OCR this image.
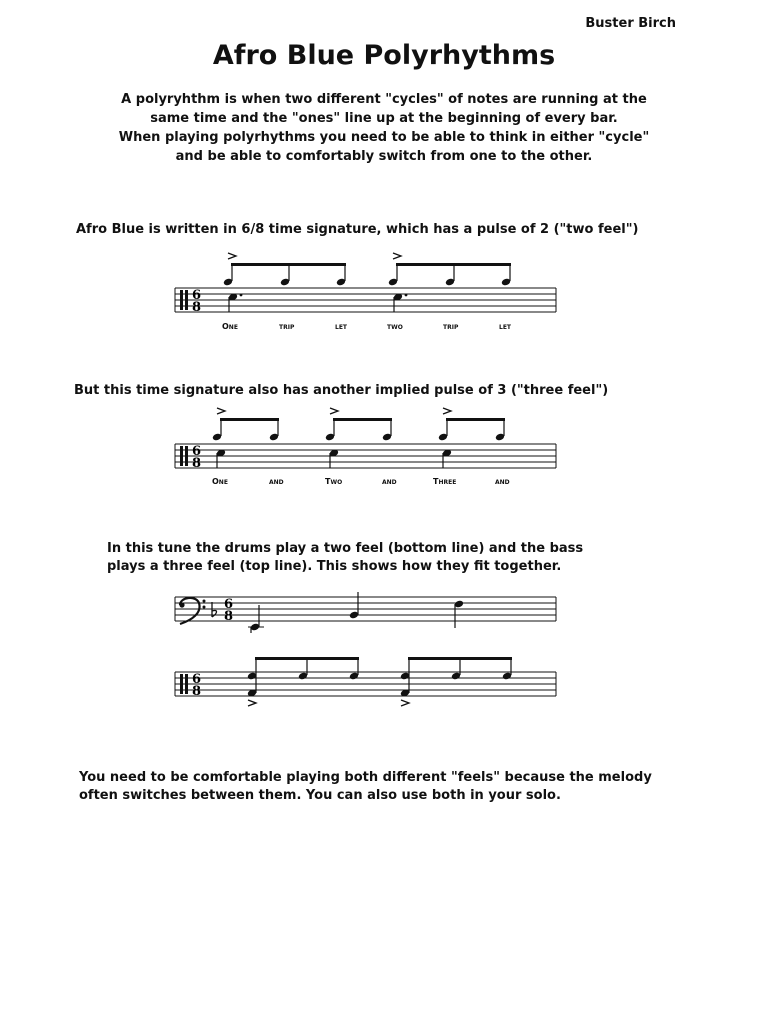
Buster Birch
Afro Blue Polyrhythms
A polyryhthm is when two different "cycles" of notes are running at the
same time and the "ones" line up at the beginning of every bar.
When playing polyrhythms you need to be able to think in either "cycle"
and be able to comfortably switch from one to the other.
Afro Blue is written in 6/8 time signature, which has a pulse of 2 ("two feel")
6
8
One	trip	let	two	trip	let
But this time signature also has another implied pulse of 3 ("three feel")
6
8
One	and	Two	and	Three	and
In this tune the drums play a two feel (bottom line) and the bass
plays a three feel (top line). This shows how they fit together.
6
8
6
8
You need to be comfortable playing both different "feels" because the melody
often switches between them. You can also use both in your solo.
